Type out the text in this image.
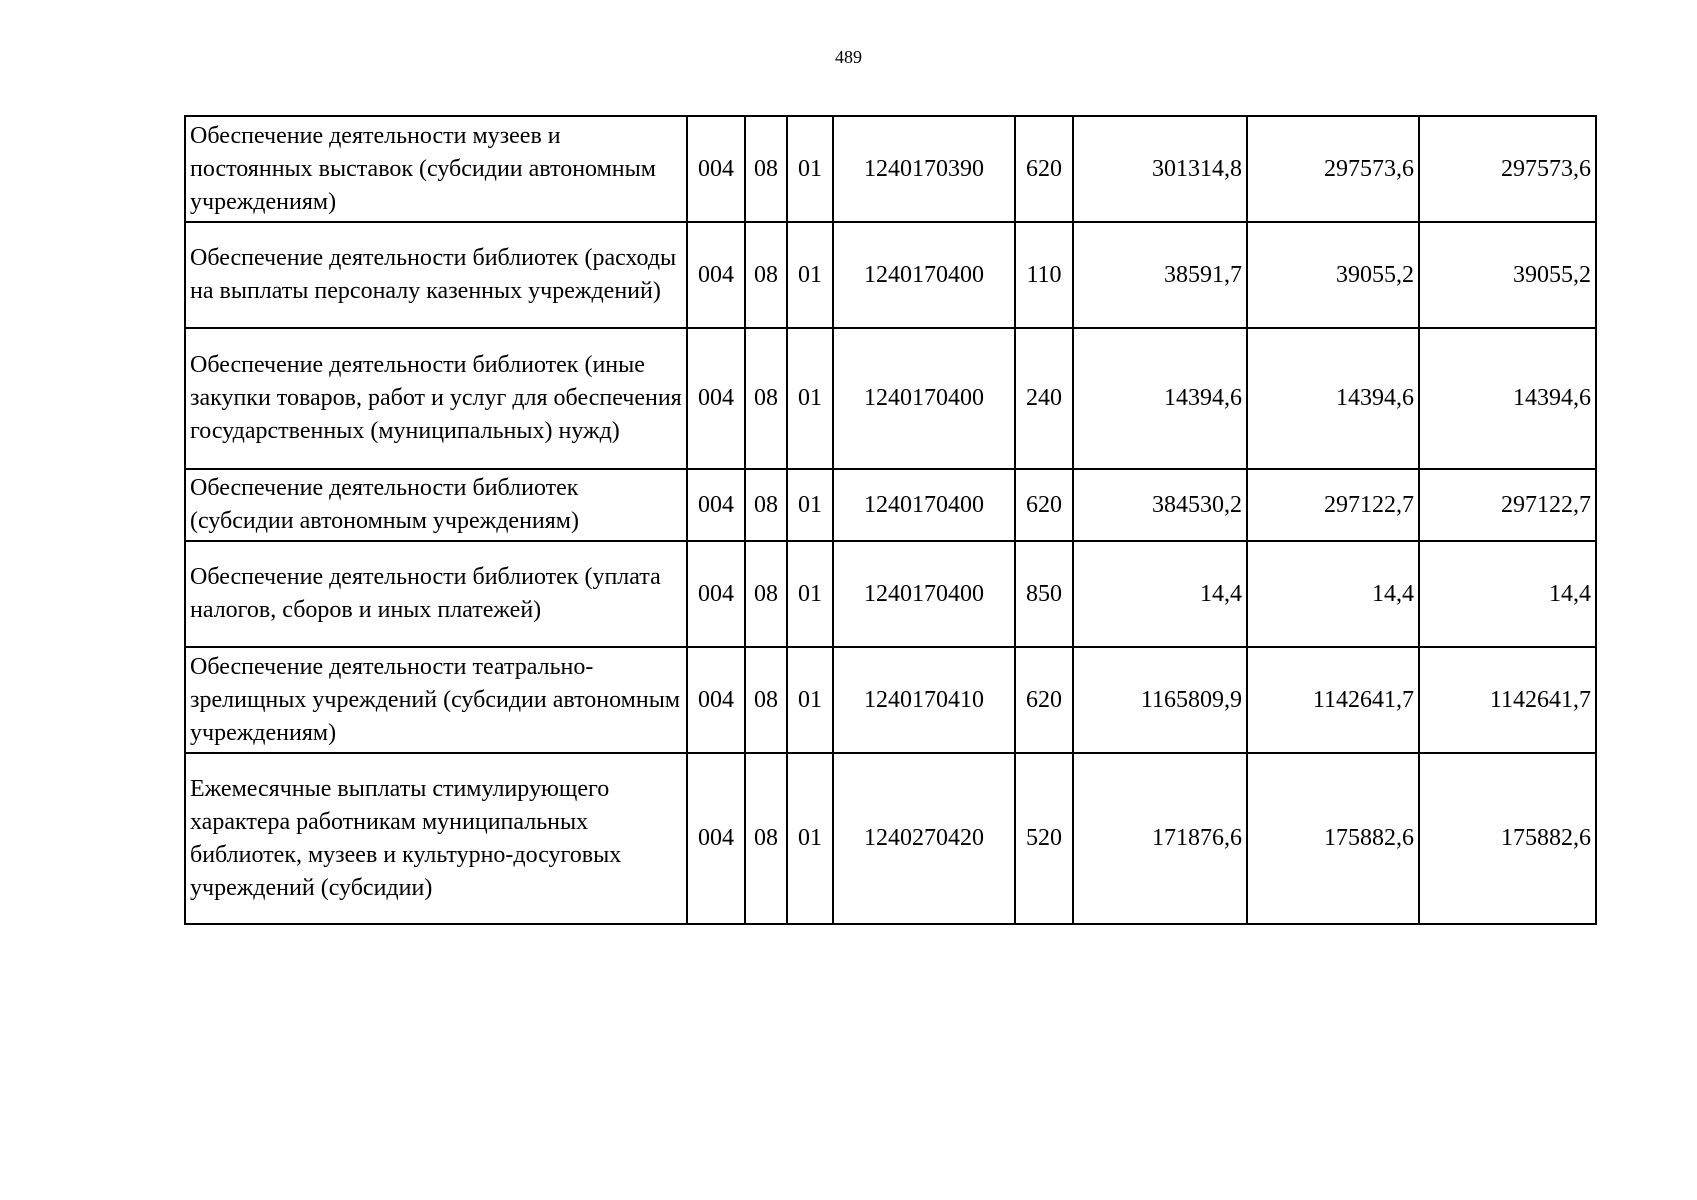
489
Обеспечение деятельности музеев и постоянных выставок (субсидии автономным учреждениям)	004	08	01	1240170390	620	301314,8	297573,6	297573,6
Обеспечение деятельности библиотек (расходы на выплаты персоналу казенных учреждений)	004	08	01	1240170400	110	38591,7	39055,2	39055,2
Обеспечение деятельности библиотек (иные закупки товаров, работ и услуг для обеспечения государственных (муниципальных) нужд)	004	08	01	1240170400	240	14394,6	14394,6	14394,6
Обеспечение деятельности библиотек (субсидии автономным учреждениям)	004	08	01	1240170400	620	384530,2	297122,7	297122,7
Обеспечение деятельности библиотек (уплата налогов, сборов и иных платежей)	004	08	01	1240170400	850	14,4	14,4	14,4
Обеспечение деятельности театрально-зрелищных учреждений (субсидии автономным учреждениям)	004	08	01	1240170410	620	1165809,9	1142641,7	1142641,7
Ежемесячные выплаты стимулирующего характера работникам муниципальных библиотек, музеев и культурно-досуговых учреждений (субсидии)	004	08	01	1240270420	520	171876,6	175882,6	175882,6
